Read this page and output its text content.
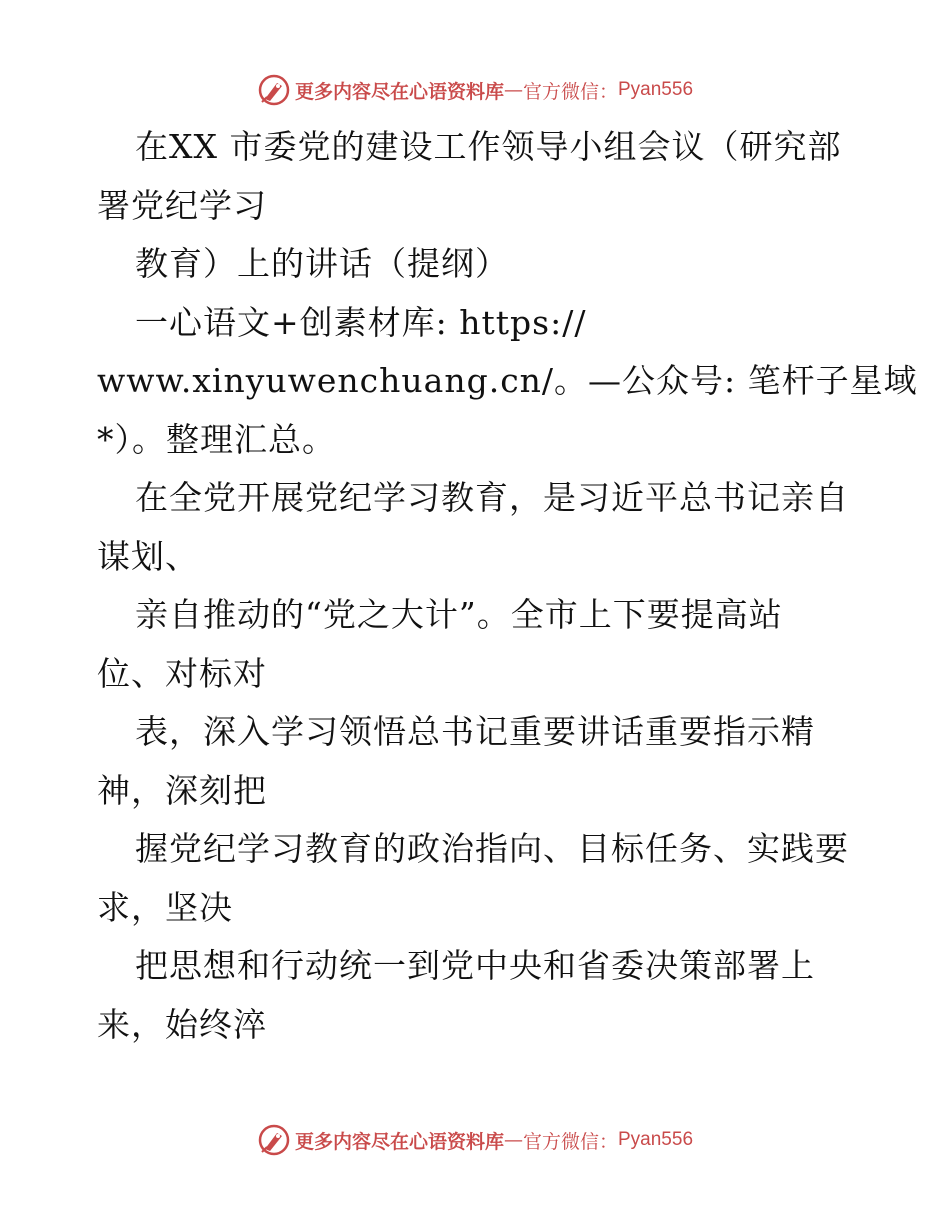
更多内容尽在心语资料库 — 官方微信： Pyan556
在XX 市委党的建设工作领导小组会议（研究部
署党纪学习
教育）上的讲话（提纲）
一心语文+创素材库: https://
www.xinyuwenchuang.cn/。—公众号: 笔杆子星域
*）。整理汇总。
在全党开展党纪学习教育，是习近平总书记亲自
谋划、
亲自推动的“党之大计”。全市上下要提高站
位、对标对
表，深入学习领悟总书记重要讲话重要指示精
神，深刻把
握党纪学习教育的政治指向、目标任务、实践要
求，坚决
把思想和行动统一到党中央和省委决策部署上
来，始终淬
更多内容尽在心语资料库 — 官方微信： Pyan556
